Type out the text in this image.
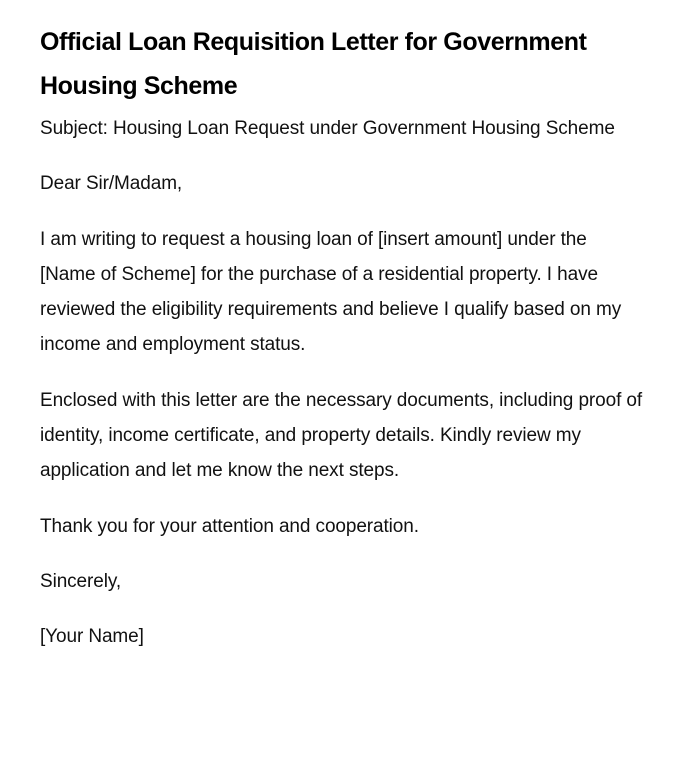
Official Loan Requisition Letter for Government Housing Scheme

Subject: Housing Loan Request under Government Housing Scheme

Dear Sir/Madam,

I am writing to request a housing loan of [insert amount] under the [Name of Scheme] for the purchase of a residential property. I have reviewed the eligibility requirements and believe I qualify based on my income and employment status.

Enclosed with this letter are the necessary documents, including proof of identity, income certificate, and property details. Kindly review my application and let me know the next steps.

Thank you for your attention and cooperation.

Sincerely,

[Your Name]
